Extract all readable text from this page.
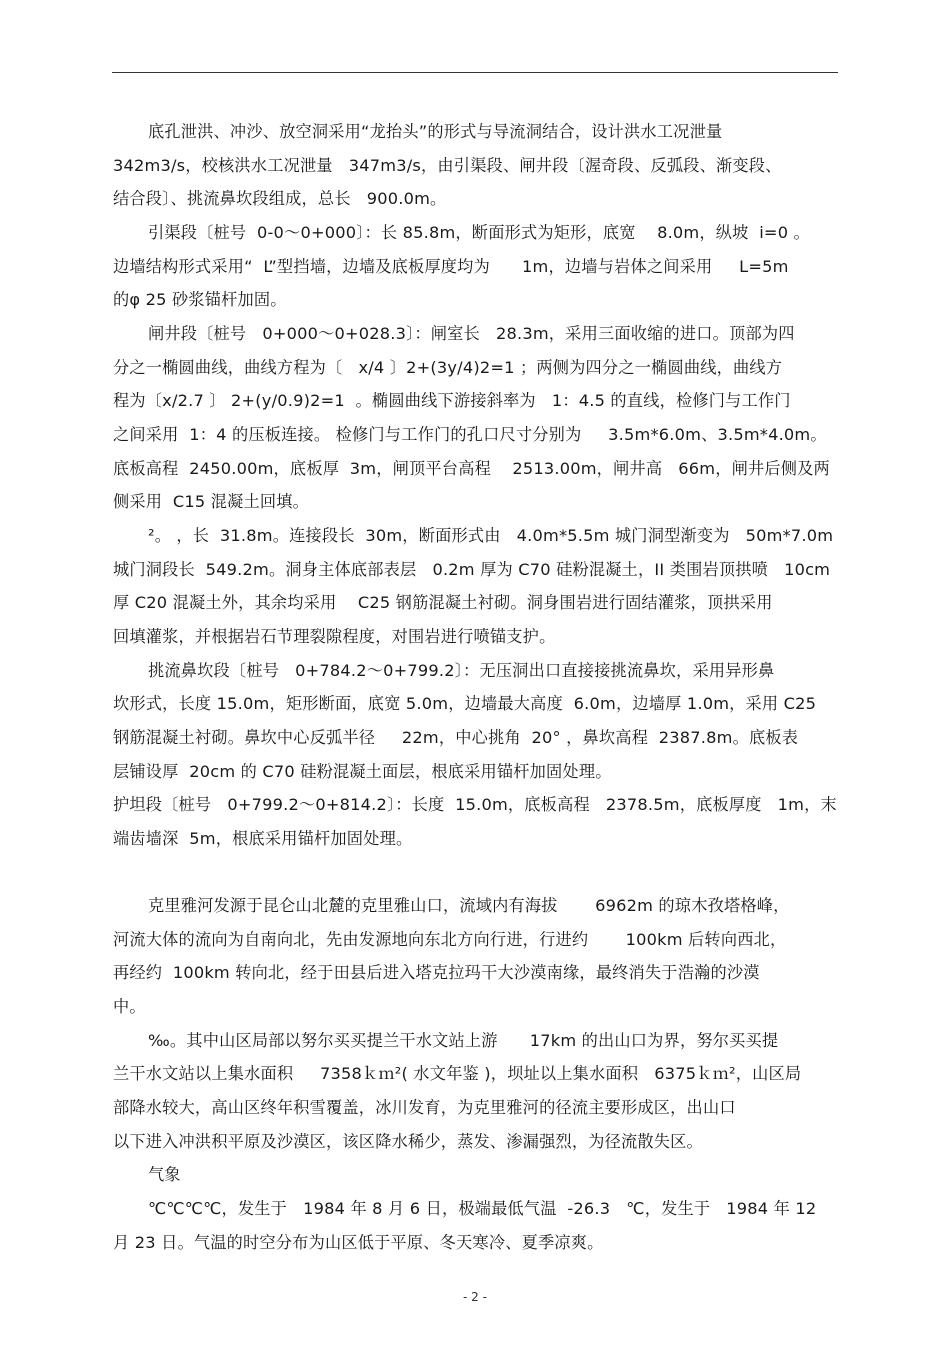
底孔泄洪、冲沙、放空洞采用“龙抬头”的形式与导流洞结合，设计洪水工况泄量
342m3/s，校核洪水工况泄量   347m3/s，由引渠段、闸井段〔渥奇段、反弧段、渐变段、
结合段〕、挑流鼻坎段组成，总长   900.0m。
引渠段〔桩号  0-0～0+000〕：长 85.8m，断面形式为矩形，底宽    8.0m，纵坡  i=0 。
边墙结构形式采用“  L”型挡墙，边墙及底板厚度均为      1m，边墙与岩体之间采用     L=5m
的φ 25 砂浆锚杆加固。
闸井段〔桩号   0+000～0+028.3〕：闸室长   28.3m，采用三面收缩的进口。顶部为四
分之一椭圆曲线，曲线方程为〔   x/4 〕2+(3y/4)2=1 ；两侧为四分之一椭圆曲线，曲线方
程为〔x/2.7 〕 2+(y/0.9)2=1  。椭圆曲线下游接斜率为   1：4.5 的直线，检修门与工作门
之间采用  1：4 的压板连接。 检修门与工作门的孔口尺寸分别为     3.5m*6.0m、3.5m*4.0m。
底板高程  2450.00m，底板厚  3m，闸顶平台高程    2513.00m，闸井高   66m，闸井后侧及两
侧采用  C15 混凝土回填。
²。 ，长  31.8m。连接段长  30m，断面形式由   4.0m*5.5m 城门洞型渐变为   50m*7.0m
城门洞段长  549.2m。洞身主体底部表层   0.2m 厚为 C70 硅粉混凝土，II 类围岩顶拱喷   10cm
厚 C20 混凝土外，其余均采用    C25 钢筋混凝土衬砌。洞身围岩进行固结灌浆，顶拱采用
回填灌浆，并根据岩石节理裂隙程度，对围岩进行喷锚支护。
挑流鼻坎段〔桩号   0+784.2～0+799.2〕：无压洞出口直接接挑流鼻坎，采用异形鼻
坎形式，长度 15.0m，矩形断面，底宽 5.0m，边墙最大高度  6.0m，边墙厚 1.0m，采用 C25
钢筋混凝土衬砌。鼻坎中心反弧半径     22m，中心挑角  20° ，鼻坎高程  2387.8m。底板表
层铺设厚  20cm 的 C70 硅粉混凝土面层，根底采用锚杆加固处理。
护坦段〔桩号   0+799.2～0+814.2〕：长度  15.0m，底板高程   2378.5m，底板厚度   1m，末
端齿墙深  5m，根底采用锚杆加固处理。
克里雅河发源于昆仑山北麓的克里雅山口，流域内有海拔       6962m 的琼木孜塔格峰，
河流大体的流向为自南向北，先由发源地向东北方向行进，行进约       100km 后转向西北，
再经约  100km 转向北，经于田县后进入塔克拉玛干大沙漠南缘，最终消失于浩瀚的沙漠
中。
‰。其中山区局部以努尔买买提兰干水文站上游      17km 的出山口为界，努尔买买提
兰干水文站以上集水面积     7358ｋｍ²( 水文年鉴 )，坝址以上集水面积   6375ｋｍ²，山区局
部降水较大，高山区终年积雪覆盖，冰川发育，为克里雅河的径流主要形成区，出山口
以下进入冲洪积平原及沙漠区，该区降水稀少，蒸发、渗漏强烈，为径流散失区。
气象
℃℃℃℃，发生于   1984 年 8 月 6 日，极端最低气温  -26.3   ℃，发生于   1984 年 12
月 23 日。气温的时空分布为山区低于平原、冬天寒冷、夏季凉爽。
- 2 -
